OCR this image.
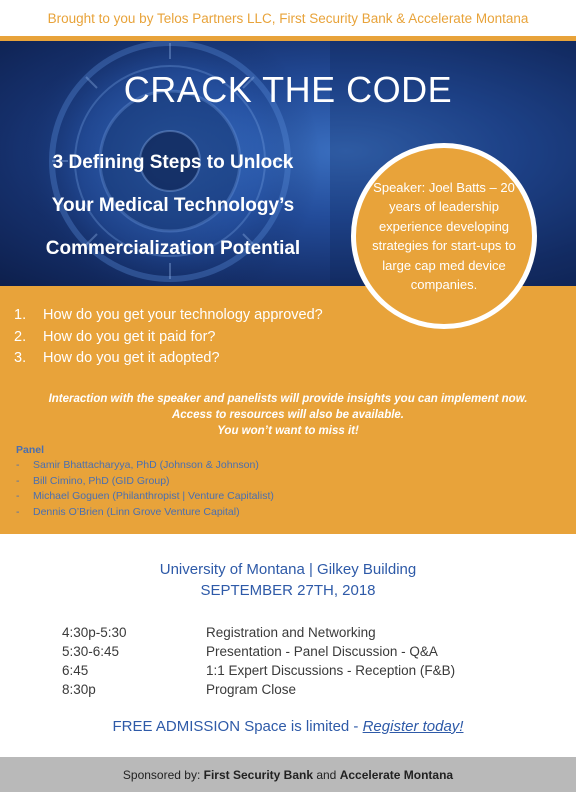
Brought to you by Telos Partners LLC, First Security Bank & Accelerate Montana
CRACK THE CODE
3 Defining Steps to Unlock
Your Medical Technology’s
Commercialization Potential
1.	How do you get your technology approved?
2.	How do you get it paid for?
3.	How do you get it adopted?
Interaction with the speaker and panelists will provide insights you can implement now.
Access to resources will also be available.
You won’t want to miss it!
Panel
-	Samir Bhattacharyya, PhD (Johnson & Johnson)
-	Bill Cimino, PhD (GID Group)
-	Michael Goguen (Philanthropist | Venture Capitalist)
-	Dennis O’Brien (Linn Grove Venture Capital)
Speaker: Joel Batts – 20 years of leadership experience developing strategies for start-ups to large cap med device companies.
University of Montana | Gilkey Building
SEPTEMBER 27TH, 2018
4:30p-5:30	Registration and Networking
5:30-6:45	Presentation - Panel Discussion - Q&A
6:45	1:1 Expert Discussions - Reception (F&B)
8:30p	Program Close
FREE ADMISSION Space is limited - Register today!
Sponsored by: First Security Bank and Accelerate Montana
